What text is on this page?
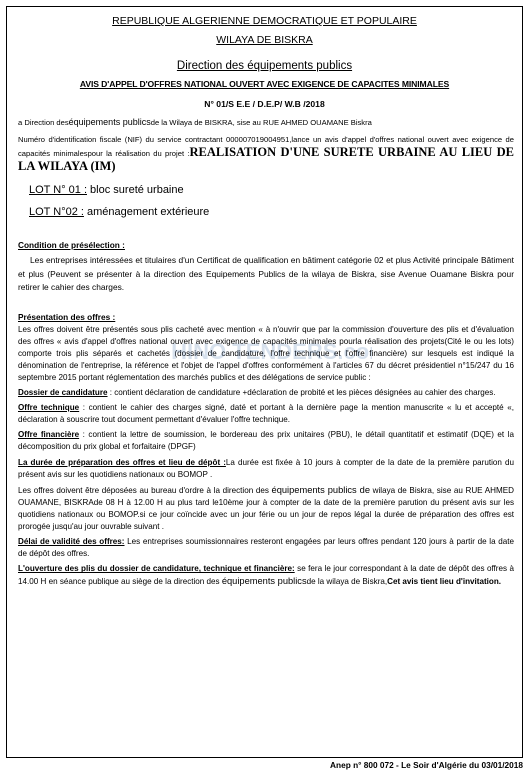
REPUBLIQUE ALGERIENNE DEMOCRATIQUE ET POPULAIRE
WILAYA DE BISKRA
Direction des équipements publics
AVIS D'APPEL D'OFFRES NATIONAL OUVERT AVEC EXIGENCE DE CAPACITES MINIMALES
N° 01/S E.E / D.E.P/ W.B /2018
a Direction deséquipements publicsde la Wilaya de BISKRA, sise au RUE AHMED OUAMANE Biskra
Numéro d'identification fiscale (NIF) du service contractant 000007019004951,lance un avis d'appel d'offres national ouvert avec exigence de capacités minimalespour la réalisation du projet :REALISATION D'UNE SURETE URBAINE AU LIEU DE LA WILAYA (IM)
LOT N° 01 : bloc sureté urbaine
LOT N°02 : aménagement extérieure
Condition de présélection :
Les entreprises intéressées et titulaires d'un Certificat de qualification en bâtiment catégorie 02 et plus Activité principale Bâtiment et plus (Peuvent se présenter à la direction des Equipements Publics de la wilaya de Biskra, sise Avenue Ouamane Biskra pour retirer le cahier des charges.
Présentation des offres :
Les offres doivent être présentés sous plis cacheté avec mention « à n'ouvrir que par la commission d'ouverture des plis et d'évaluation des offres « avis d'appel d'offres national ouvert avec exigence de capacités minimales pourla réalisation des projets(Cité le ou les lots) comporte trois plis séparés et cachetés (dossier de candidature, l'offre technique et l'offre financière) sur lesquels est indiqué la dénomination de l'entreprise, la référence et l'objet de l'appel d'offres conformément à l'articles 67 du décret présidentiel n°15/247 du 16 septembre 2015 portant réglementation des marchés publics et des délégations de service public :
Dossier de candidature : contient déclaration de candidature +déclaration de probité et les pièces désignées au cahier des charges.
Offre technique : contient le cahier des charges signé, daté et portant à la dernière page la mention manuscrite « lu et accepté «, déclaration à souscrire tout document permettant d'évaluer l'offre technique.
Offre financière : contient la lettre de soumission, le bordereau des prix unitaires (PBU), le détail quantitatif et estimatif (DQE) et la décomposition du prix global et forfaitaire (DPGF)
La durée de préparation des offres et lieu de dépôt :La durée est fixée à 10 jours à compter de la date de la première parution du présent avis sur les quotidiens nationaux ou BOMOP .
Les offres doivent être déposées au bureau d'ordre à la direction des équipements publics de wilaya de Biskra, sise au RUE AHMED OUAMANE, BISKRAde 08 H à 12.00 H au plus tard le10ème jour à compter de la date de la première parution du présent avis sur les quotidiens nationaux ou BOMOP.si ce jour coïncide avec un jour férie ou un jour de repos légal la durée de préparation des offres est prorogée jusqu'au jour ouvrable suivant .
Délai de validité des offres: Les entreprises soumissionnaires resteront engagées par leurs offres pendant 120 jours à partir de la date de dépôt des offres.
L'ouverture des plis du dossier de candidature, technique et financière: se fera le jour correspondant à la date de dépôt des offres à 14.00 H en séance publique au siège de la direction des équipements publicsde la wilaya de Biskra,Cet avis tient lieu d'invitation.
HINO TENDERS.co
Anep n° 800 072 - Le Soir d'Algérie du 03/01/2018
